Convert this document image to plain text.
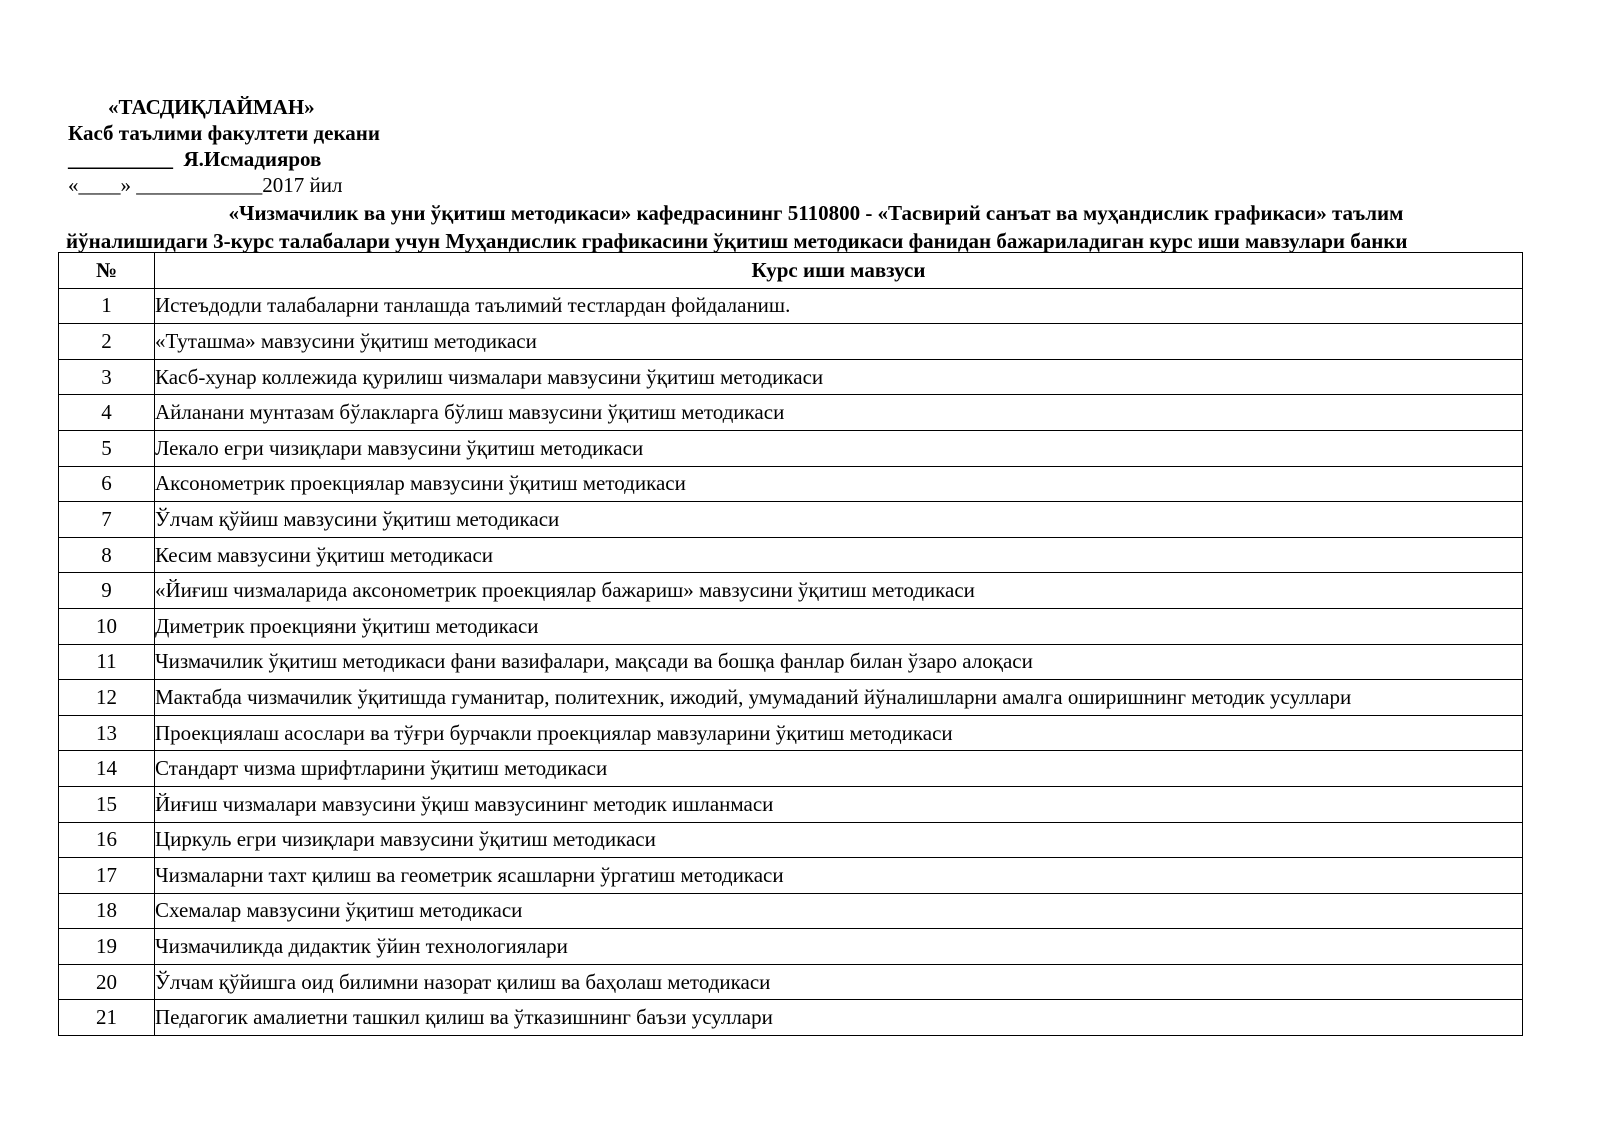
«ТАСДИҚЛАЙМАН»
Касб таълими факултети декани
__________ Я.Исмадияров
«____» ____________2017 йил
«Чизмачилик ва уни ўқитиш методикаси» кафедрасининг 5110800 - «Тасвирий санъат ва муҳандислик графикаси» таълим
йўналишидаги 3-курс талабалари учун Муҳандислик графикасини ўқитиш методикаси фанидан бажариладиган курс иши мавзулари банки
№	Курс иши мавзуси
1	Истеъдодли талабаларни танлашда таълимий тестлардан фойдаланиш.
2	«Туташма» мавзусини ўқитиш методикаси
3	Касб-хунар коллежида қурилиш чизмалари мавзусини ўқитиш методикаси
4	Айланани мунтазам бўлакларга бўлиш мавзусини ўқитиш методикаси
5	Лекало егри чизиқлари мавзусини ўқитиш методикаси
6	Аксонометрик проекциялар мавзусини ўқитиш методикаси
7	Ўлчам қўйиш мавзусини ўқитиш методикаси
8	Кесим мавзусини ўқитиш методикаси
9	«Йиғиш чизмаларида аксонометрик проекциялар бажариш» мавзусини ўқитиш методикаси
10	Диметрик проекцияни ўқитиш методикаси
11	Чизмачилик ўқитиш методикаси фани вазифалари, мақсади ва бошқа фанлар билан ўзаро алоқаси
12	Мактабда чизмачилик ўқитишда гуманитар, политехник, ижодий, умумаданий йўналишларни амалга оширишнинг методик усуллари
13	Проекциялаш асослари ва тўғри бурчакли проекциялар мавзуларини ўқитиш методикаси
14	Стандарт чизма шрифтларини ўқитиш методикаси
15	Йиғиш чизмалари мавзусини ўқиш мавзусининг методик ишланмаси
16	Циркуль егри чизиқлари мавзусини ўқитиш методикаси
17	Чизмаларни тахт қилиш ва геометрик ясашларни ўргатиш методикаси
18	Схемалар мавзусини ўқитиш методикаси
19	Чизмачиликда дидактик ўйин технологиялари
20	Ўлчам қўйишга оид билимни назорат қилиш ва баҳолаш методикаси
21	Педагогик амалиетни ташкил қилиш ва ўтказишнинг баъзи усуллари
